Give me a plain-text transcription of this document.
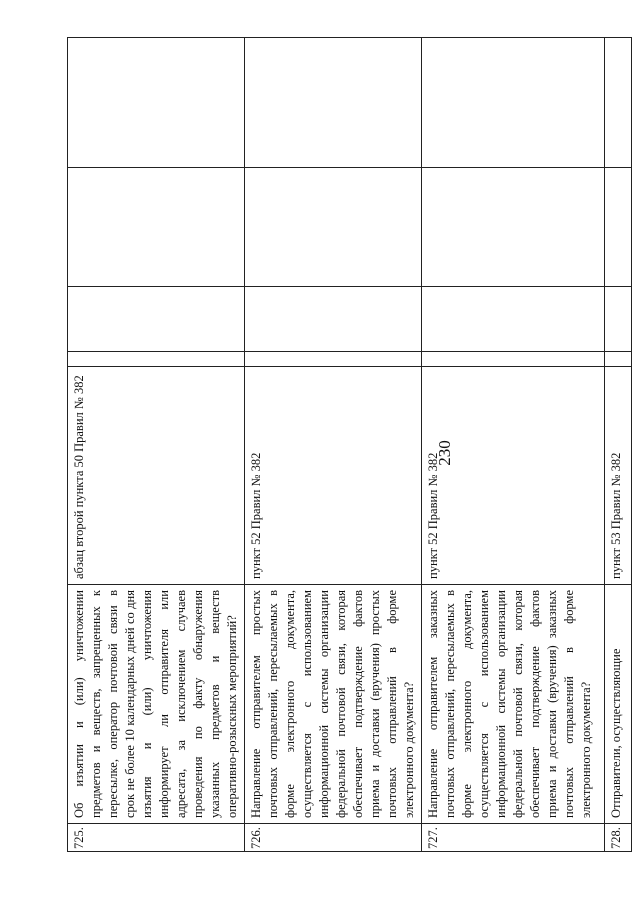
230
725.	Об изъятии и (или) уничтожении предметов и веществ, запрещенных к пересылке, оператор почтовой связи в срок не более 10 календарных дней со дня изъятия и (или) уничтожения информирует ли отправителя или адресата, за исключением случаев проведения по факту обнаружения указанных предметов и веществ оперативно-розыскных мероприятий?	абзац второй пункта 50 Правил № 382				
726.	Направление отправителем простых почтовых отправлений, пересылаемых в форме электронного документа, осуществляется с использованием информационной системы организации федеральной почтовой связи, которая обеспечивает подтверждение фактов приема и доставки (вручения) простых почтовых отправлений в форме электронного документа?	пункт 52 Правил № 382				
727.	Направление отправителем заказных почтовых отправлений, пересылаемых в форме электронного документа, осуществляется с использованием информационной системы организации федеральной почтовой связи, которая обеспечивает подтверждение фактов приема и доставки (вручения) заказных почтовых отправлений в форме электронного документа?	пункт 52 Правил № 382				
728.	Отправители, осуществляющие	пункт 53 Правил № 382				
